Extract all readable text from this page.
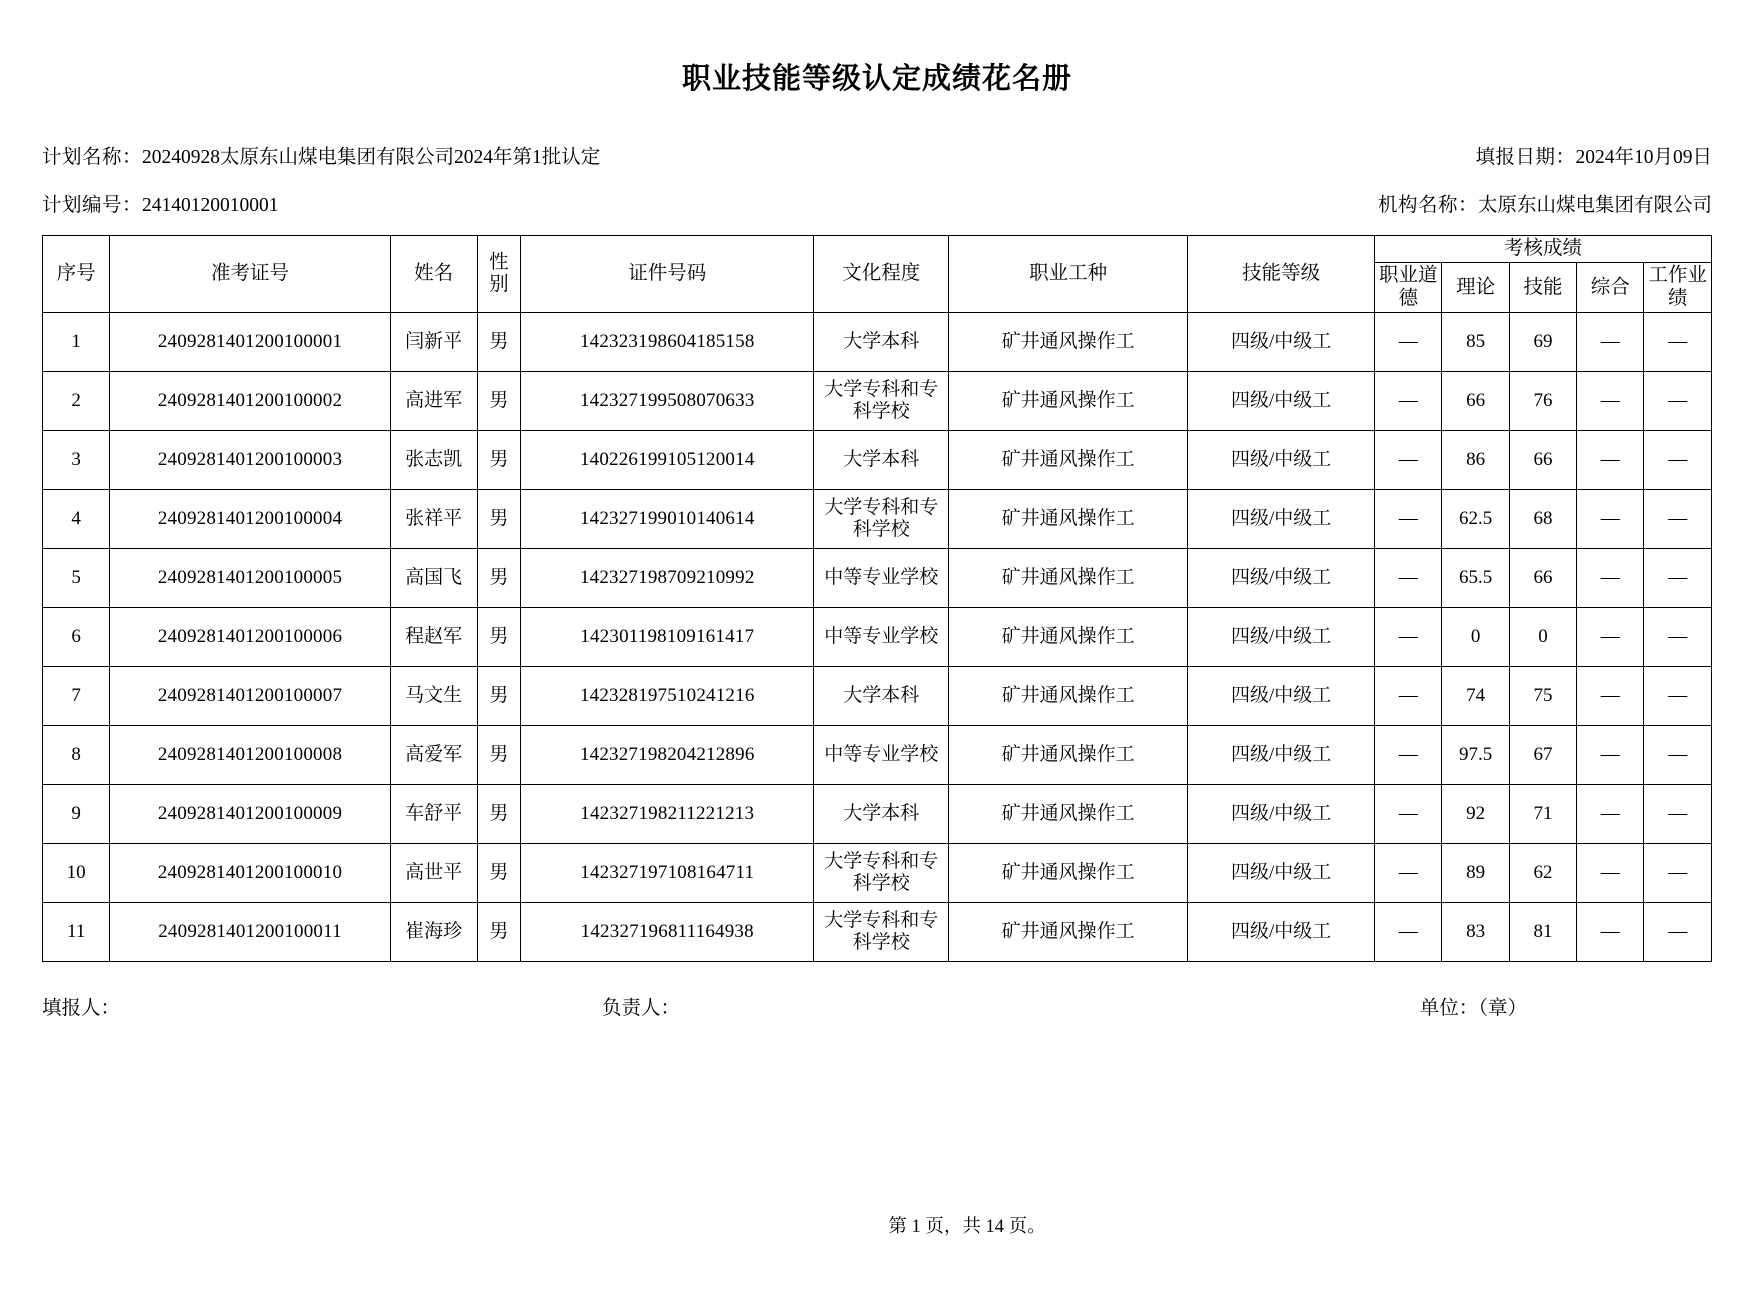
职业技能等级认定成绩花名册
计划名称：20240928太原东山煤电集团有限公司2024年第1批认定	填报日期：2024年10月09日
计划编号：24140120010001	机构名称：太原东山煤电集团有限公司
序号	准考证号	姓名	性别	证件号码	文化程度	职业工种	技能等级	考核成绩				
								职业道德	理论	技能	综合	工作业绩
1	2409281401200100001	闫新平	男	142323198604185158	大学本科	矿井通风操作工	四级/中级工	—	85	69	—	—
2	2409281401200100002	高进军	男	142327199508070633	大学专科和专科学校	矿井通风操作工	四级/中级工	—	66	76	—	—
3	2409281401200100003	张志凯	男	140226199105120014	大学本科	矿井通风操作工	四级/中级工	—	86	66	—	—
4	2409281401200100004	张祥平	男	142327199010140614	大学专科和专科学校	矿井通风操作工	四级/中级工	—	62.5	68	—	—
5	2409281401200100005	高国飞	男	142327198709210992	中等专业学校	矿井通风操作工	四级/中级工	—	65.5	66	—	—
6	2409281401200100006	程赵军	男	142301198109161417	中等专业学校	矿井通风操作工	四级/中级工	—	0	0	—	—
7	2409281401200100007	马文生	男	142328197510241216	大学本科	矿井通风操作工	四级/中级工	—	74	75	—	—
8	2409281401200100008	高爱军	男	142327198204212896	中等专业学校	矿井通风操作工	四级/中级工	—	97.5	67	—	—
9	2409281401200100009	车舒平	男	142327198211221213	大学本科	矿井通风操作工	四级/中级工	—	92	71	—	—
10	2409281401200100010	高世平	男	142327197108164711	大学专科和专科学校	矿井通风操作工	四级/中级工	—	89	62	—	—
11	2409281401200100011	崔海珍	男	142327196811164938	大学专科和专科学校	矿井通风操作工	四级/中级工	—	83	81	—	—
填报人：	负责人：	单位：（章）
第 1 页，共 14 页。
